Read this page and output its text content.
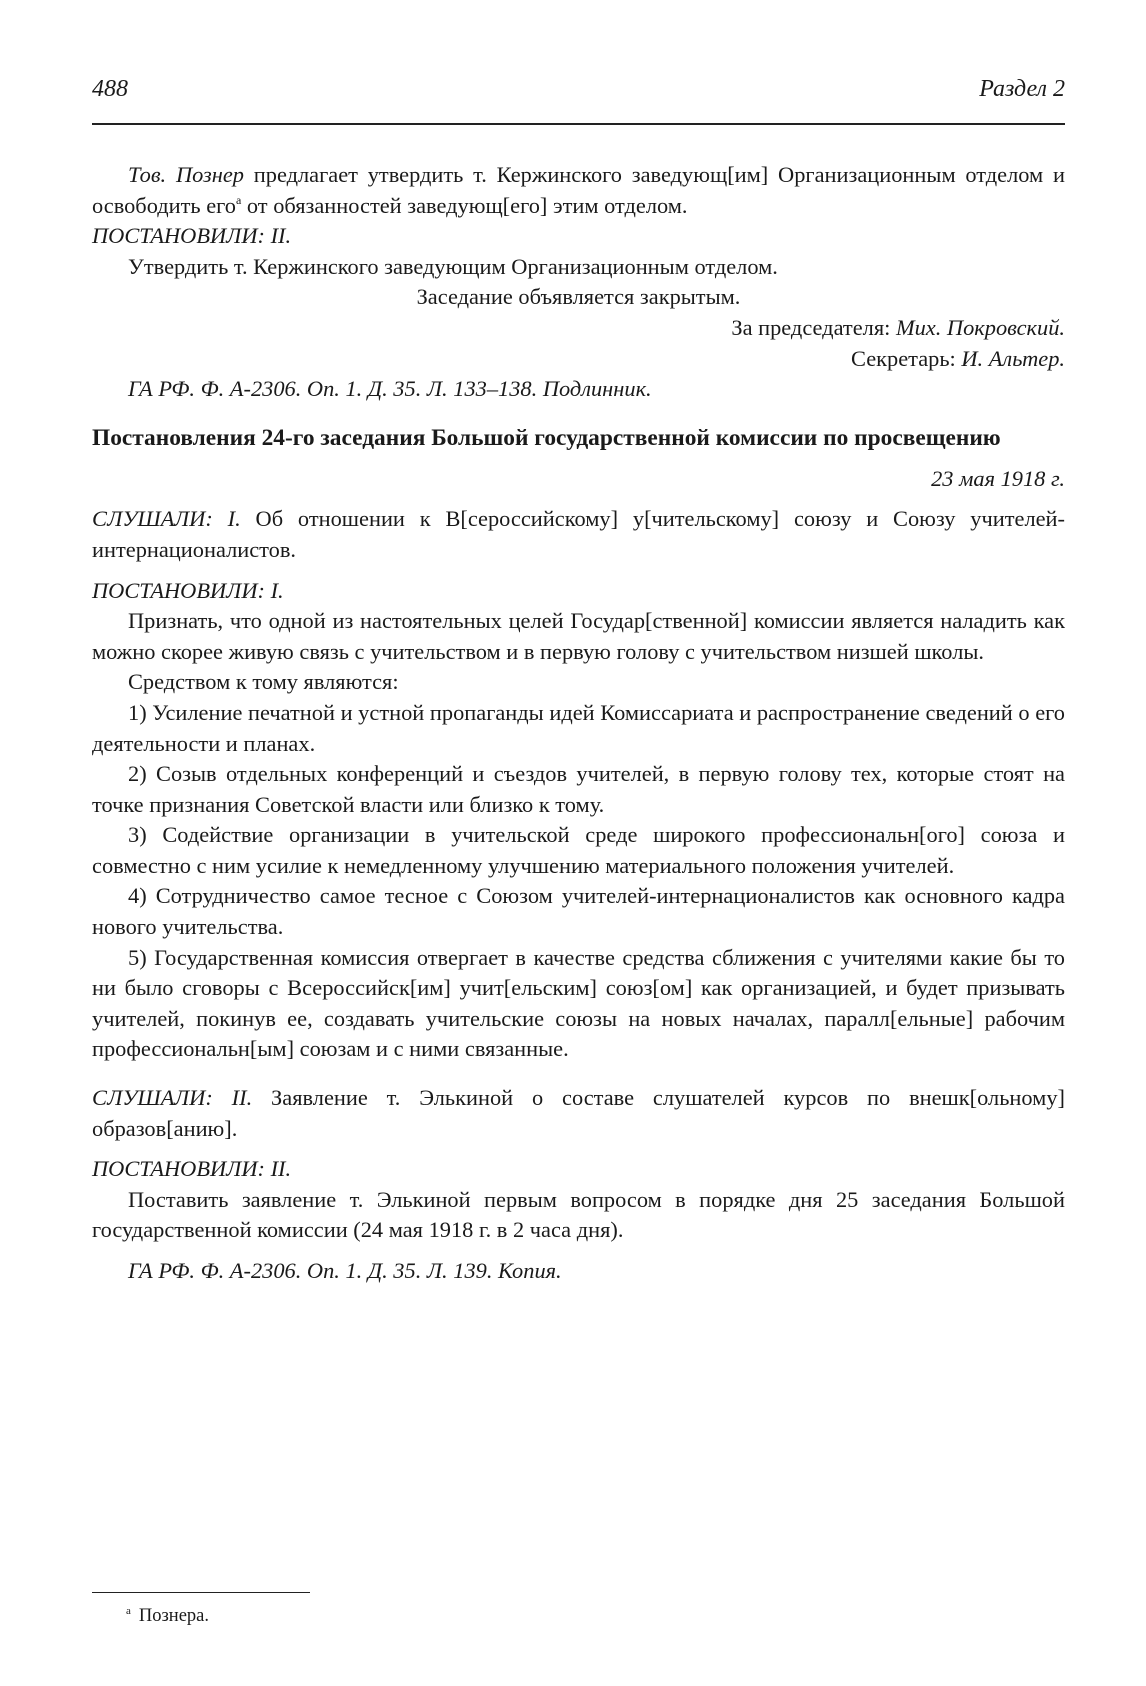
488	Раздел 2

Тов. Познер предлагает утвердить т. Кержинского заведующ[им] Организационным отделом и освободить его$^а$ от обязанностей заведующ[его] этим отделом.

ПОСТАНОВИЛИ: II.

Утвердить т. Кержинского заведующим Организационным отделом.

Заседание объявляется закрытым.

За председателя: Мих. Покровский.

Секретарь: И. Альтер.

ГА РФ. Ф. А-2306. Оп. 1. Д. 35. Л. 133–138. Подлинник.

Постановления 24-го заседания Большой государственной комиссии по просвещению

23 мая 1918 г.

СЛУШАЛИ: I. Об отношении к В[серосcийскому] у[чительскому] союзу и Союзу учителей-интернационалистов.

ПОСТАНОВИЛИ: I.

Признать, что одной из настоятельных целей Государ[ственной] комиссии является наладить как можно скорее живую связь с учительством и в первую голову с учительством низшей школы.

Средством к тому являются:

1) Усиление печатной и устной пропаганды идей Комиссариата и распространение сведений о его деятельности и планах.

2) Созыв отдельных конференций и съездов учителей, в первую голову тех, которые стоят на точке признания Советской власти или близко к тому.

3) Содействие организации в учительской среде широкого профессиональн[ого] союза и совместно с ним усилие к немедленному улучшению материального положения учителей.

4) Сотрудничество самое тесное с Союзом учителей-интернационалистов как основного кадра нового учительства.

5) Государственная комиссия отвергает в качестве средства сближения с учителями какие бы то ни было сговоры с Всероссийск[им] учит[ельским] союз[ом] как организацией, и будет призывать учителей, покинув ее, создавать учительские союзы на новых началах, паралл[ельные] рабочим профессиональн[ым] союзам и с ними связанные.

СЛУШАЛИ: II. Заявление т. Элькиной о составе слушателей курсов по внешк[ольному] образов[анию].

ПОСТАНОВИЛИ: II.

Поставить заявление т. Элькиной первым вопросом в порядке дня 25 заседания Большой государственной комиссии (24 мая 1918 г. в 2 часа дня).

ГА РФ. Ф. А-2306. Оп. 1. Д. 35. Л. 139. Копия.

$^а$ Познера.
